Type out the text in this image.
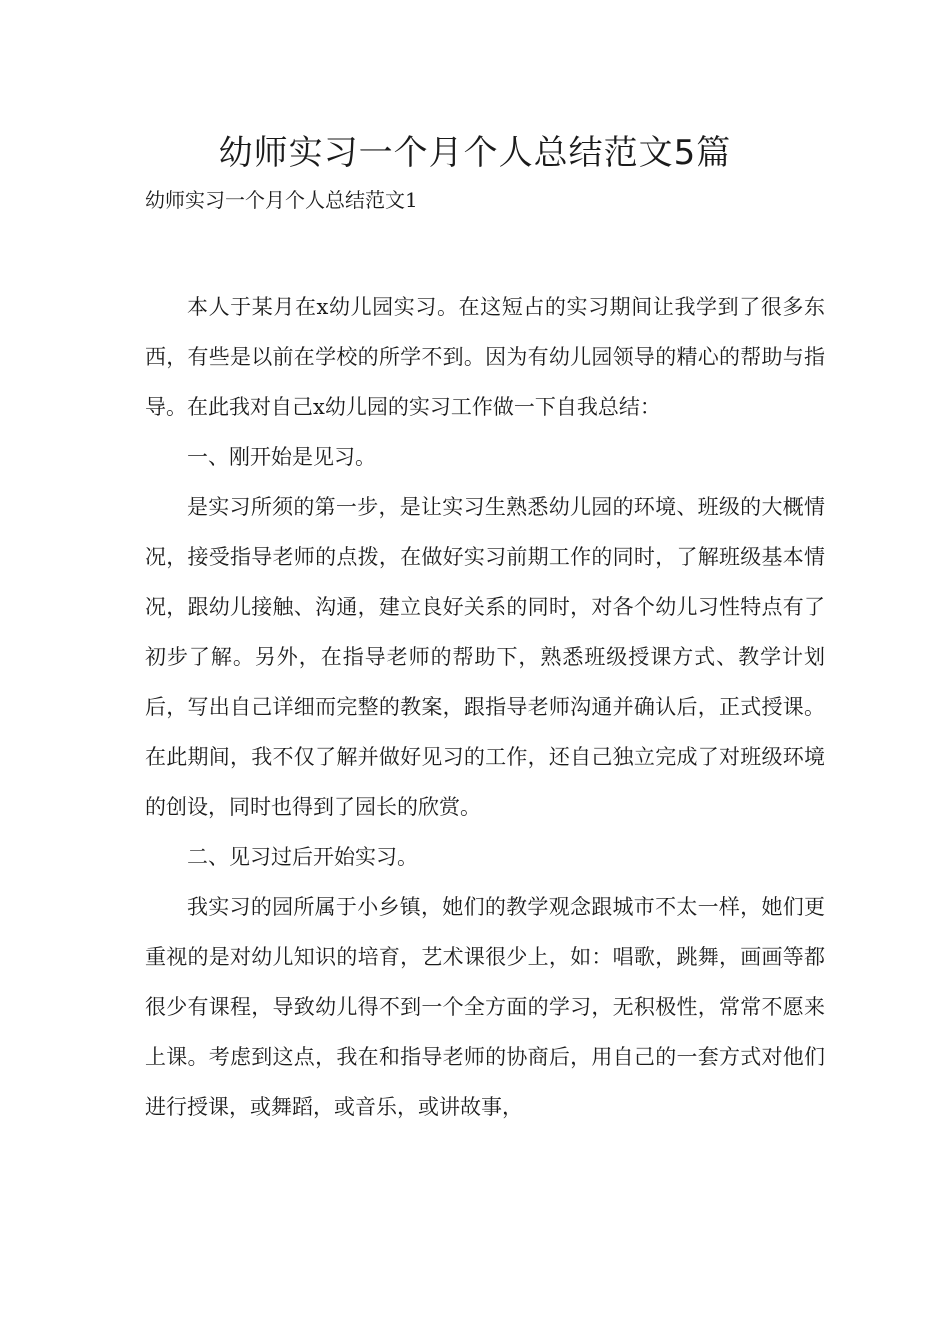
幼师实习一个月个人总结范文5篇
幼师实习一个月个人总结范文1

本人于某月在x幼儿园实习。在这短占的实习期间让我学到了很多东西，有些是以前在学校的所学不到。因为有幼儿园领导的精心的帮助与指导。在此我对自己x幼儿园的实习工作做一下自我总结：

一、刚开始是见习。

是实习所须的第一步，是让实习生熟悉幼儿园的环境、班级的大概情况，接受指导老师的点拨，在做好实习前期工作的同时，了解班级基本情况，跟幼儿接触、沟通，建立良好关系的同时，对各个幼儿习性特点有了初步了解。另外，在指导老师的帮助下，熟悉班级授课方式、教学计划后，写出自己详细而完整的教案，跟指导老师沟通并确认后，正式授课。在此期间，我不仅了解并做好见习的工作，还自己独立完成了对班级环境的创设，同时也得到了园长的欣赏。

二、见习过后开始实习。

我实习的园所属于小乡镇，她们的教学观念跟城市不太一样，她们更重视的是对幼儿知识的培育，艺术课很少上，如：唱歌，跳舞，画画等都很少有课程，导致幼儿得不到一个全方面的学习，无积极性，常常不愿来上课。考虑到这点，我在和指导老师的协商后，用自己的一套方式对他们进行授课，或舞蹈，或音乐，或讲故事，
